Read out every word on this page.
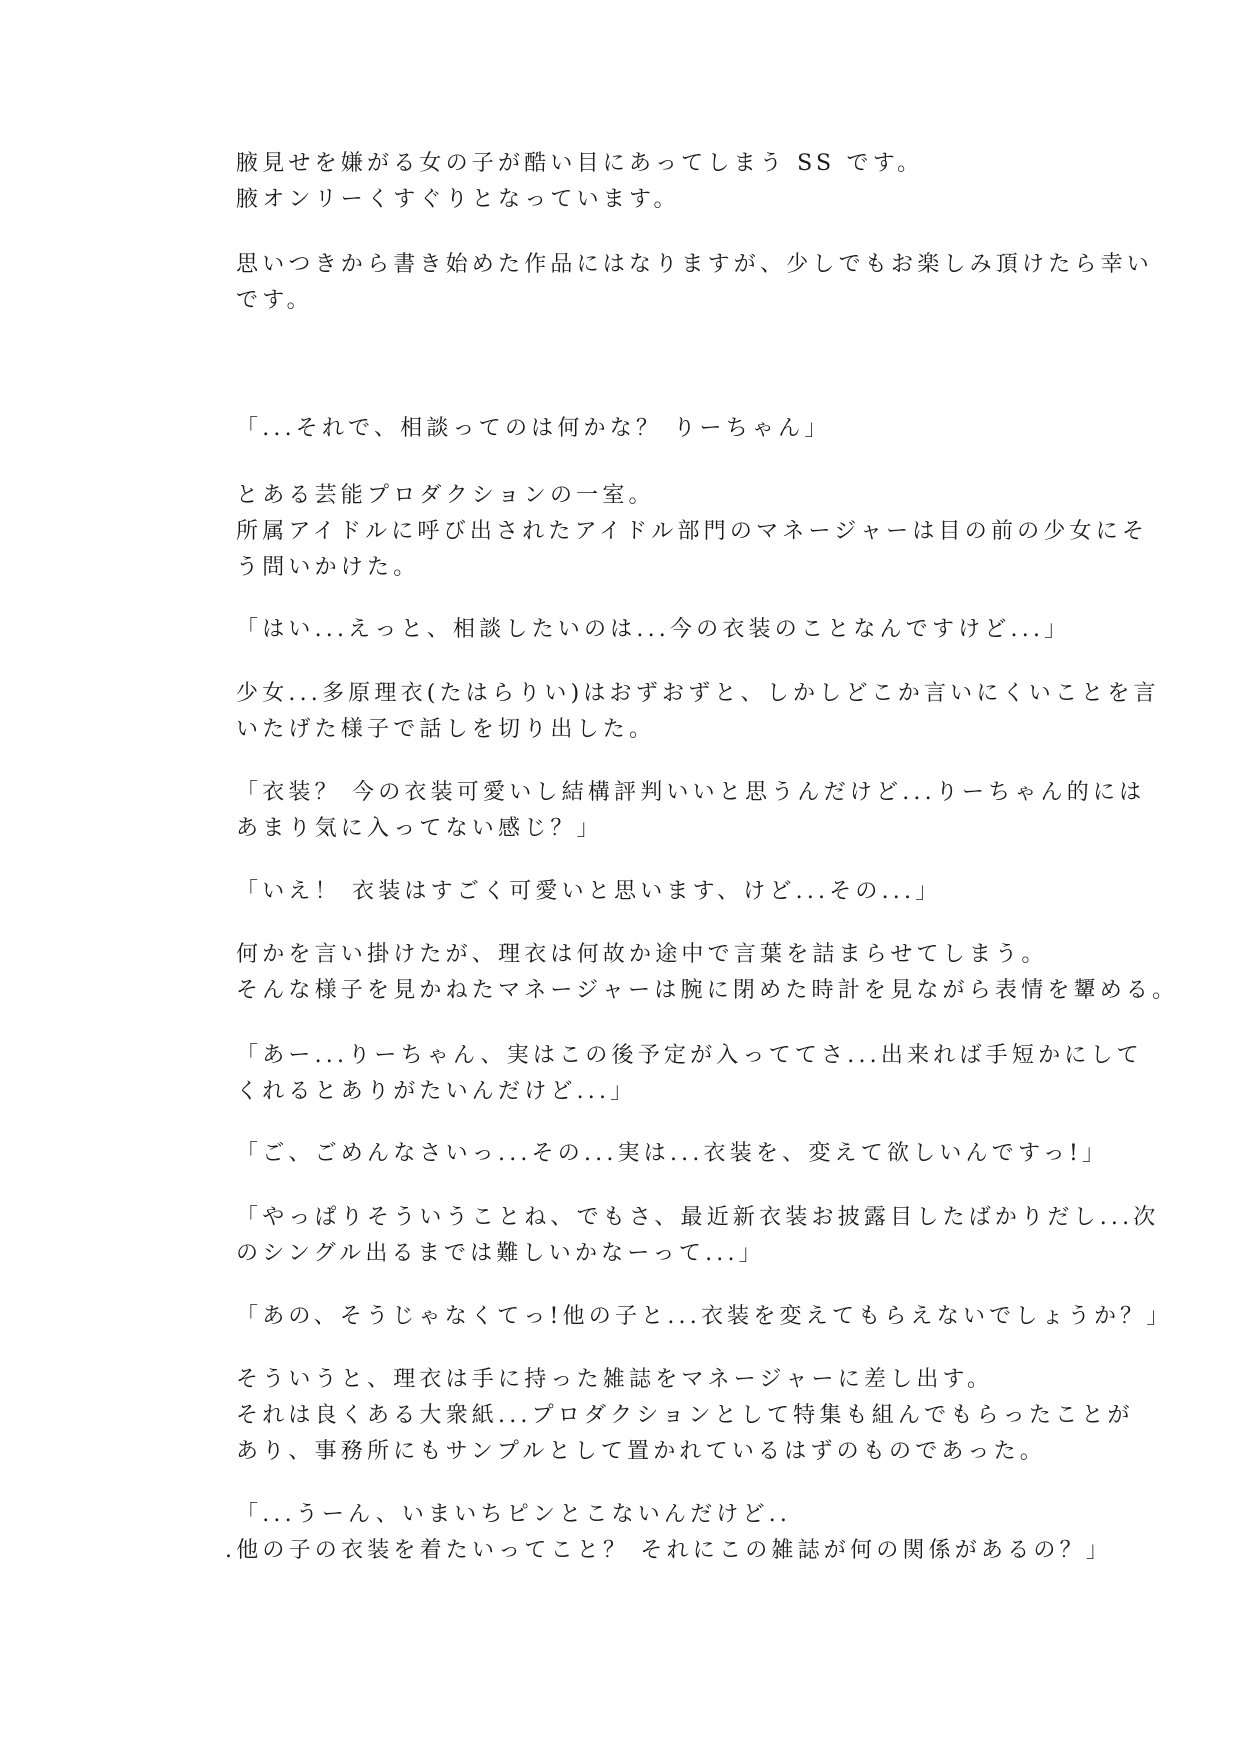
腋見せを嫌がる女の子が酷い目にあってしまう SS です。

腋オンリーくすぐりとなっています。

思いつきから書き始めた作品にはなりますが、少しでもお楽しみ頂けたら幸い

です。

「...それで、相談ってのは何かな？ りーちゃん」

とある芸能プロダクションの一室。

所属アイドルに呼び出されたアイドル部門のマネージャーは目の前の少女にそ

う問いかけた。

「はい...えっと、相談したいのは...今の衣装のことなんですけど...」

少女...多原理衣(たはらりい)はおずおずと、しかしどこか言いにくいことを言

いたげた様子で話しを切り出した。

「衣装？ 今の衣装可愛いし結構評判いいと思うんだけど...りーちゃん的には

あまり気に入ってない感じ？」

「いえ！ 衣装はすごく可愛いと思います、けど...その...」

何かを言い掛けたが、理衣は何故か途中で言葉を詰まらせてしまう。

そんな様子を見かねたマネージャーは腕に閉めた時計を見ながら表情を顰める。

「あー...りーちゃん、実はこの後予定が入っててさ...出来れば手短かにして

くれるとありがたいんだけど...」

「ご、ごめんなさいっ...その...実は...衣装を、変えて欲しいんですっ!」

「やっぱりそういうことね、でもさ、最近新衣装お披露目したばかりだし...次

のシングル出るまでは難しいかなーって...」

「あの、そうじゃなくてっ!他の子と...衣装を変えてもらえないでしょうか？」

そういうと、理衣は手に持った雑誌をマネージャーに差し出す。

それは良くある大衆紙...プロダクションとして特集も組んでもらったことが

あり、事務所にもサンプルとして置かれているはずのものであった。

「...うーん、いまいちピンとこないんだけど..

.他の子の衣装を着たいってこと？ それにこの雑誌が何の関係があるの？」
